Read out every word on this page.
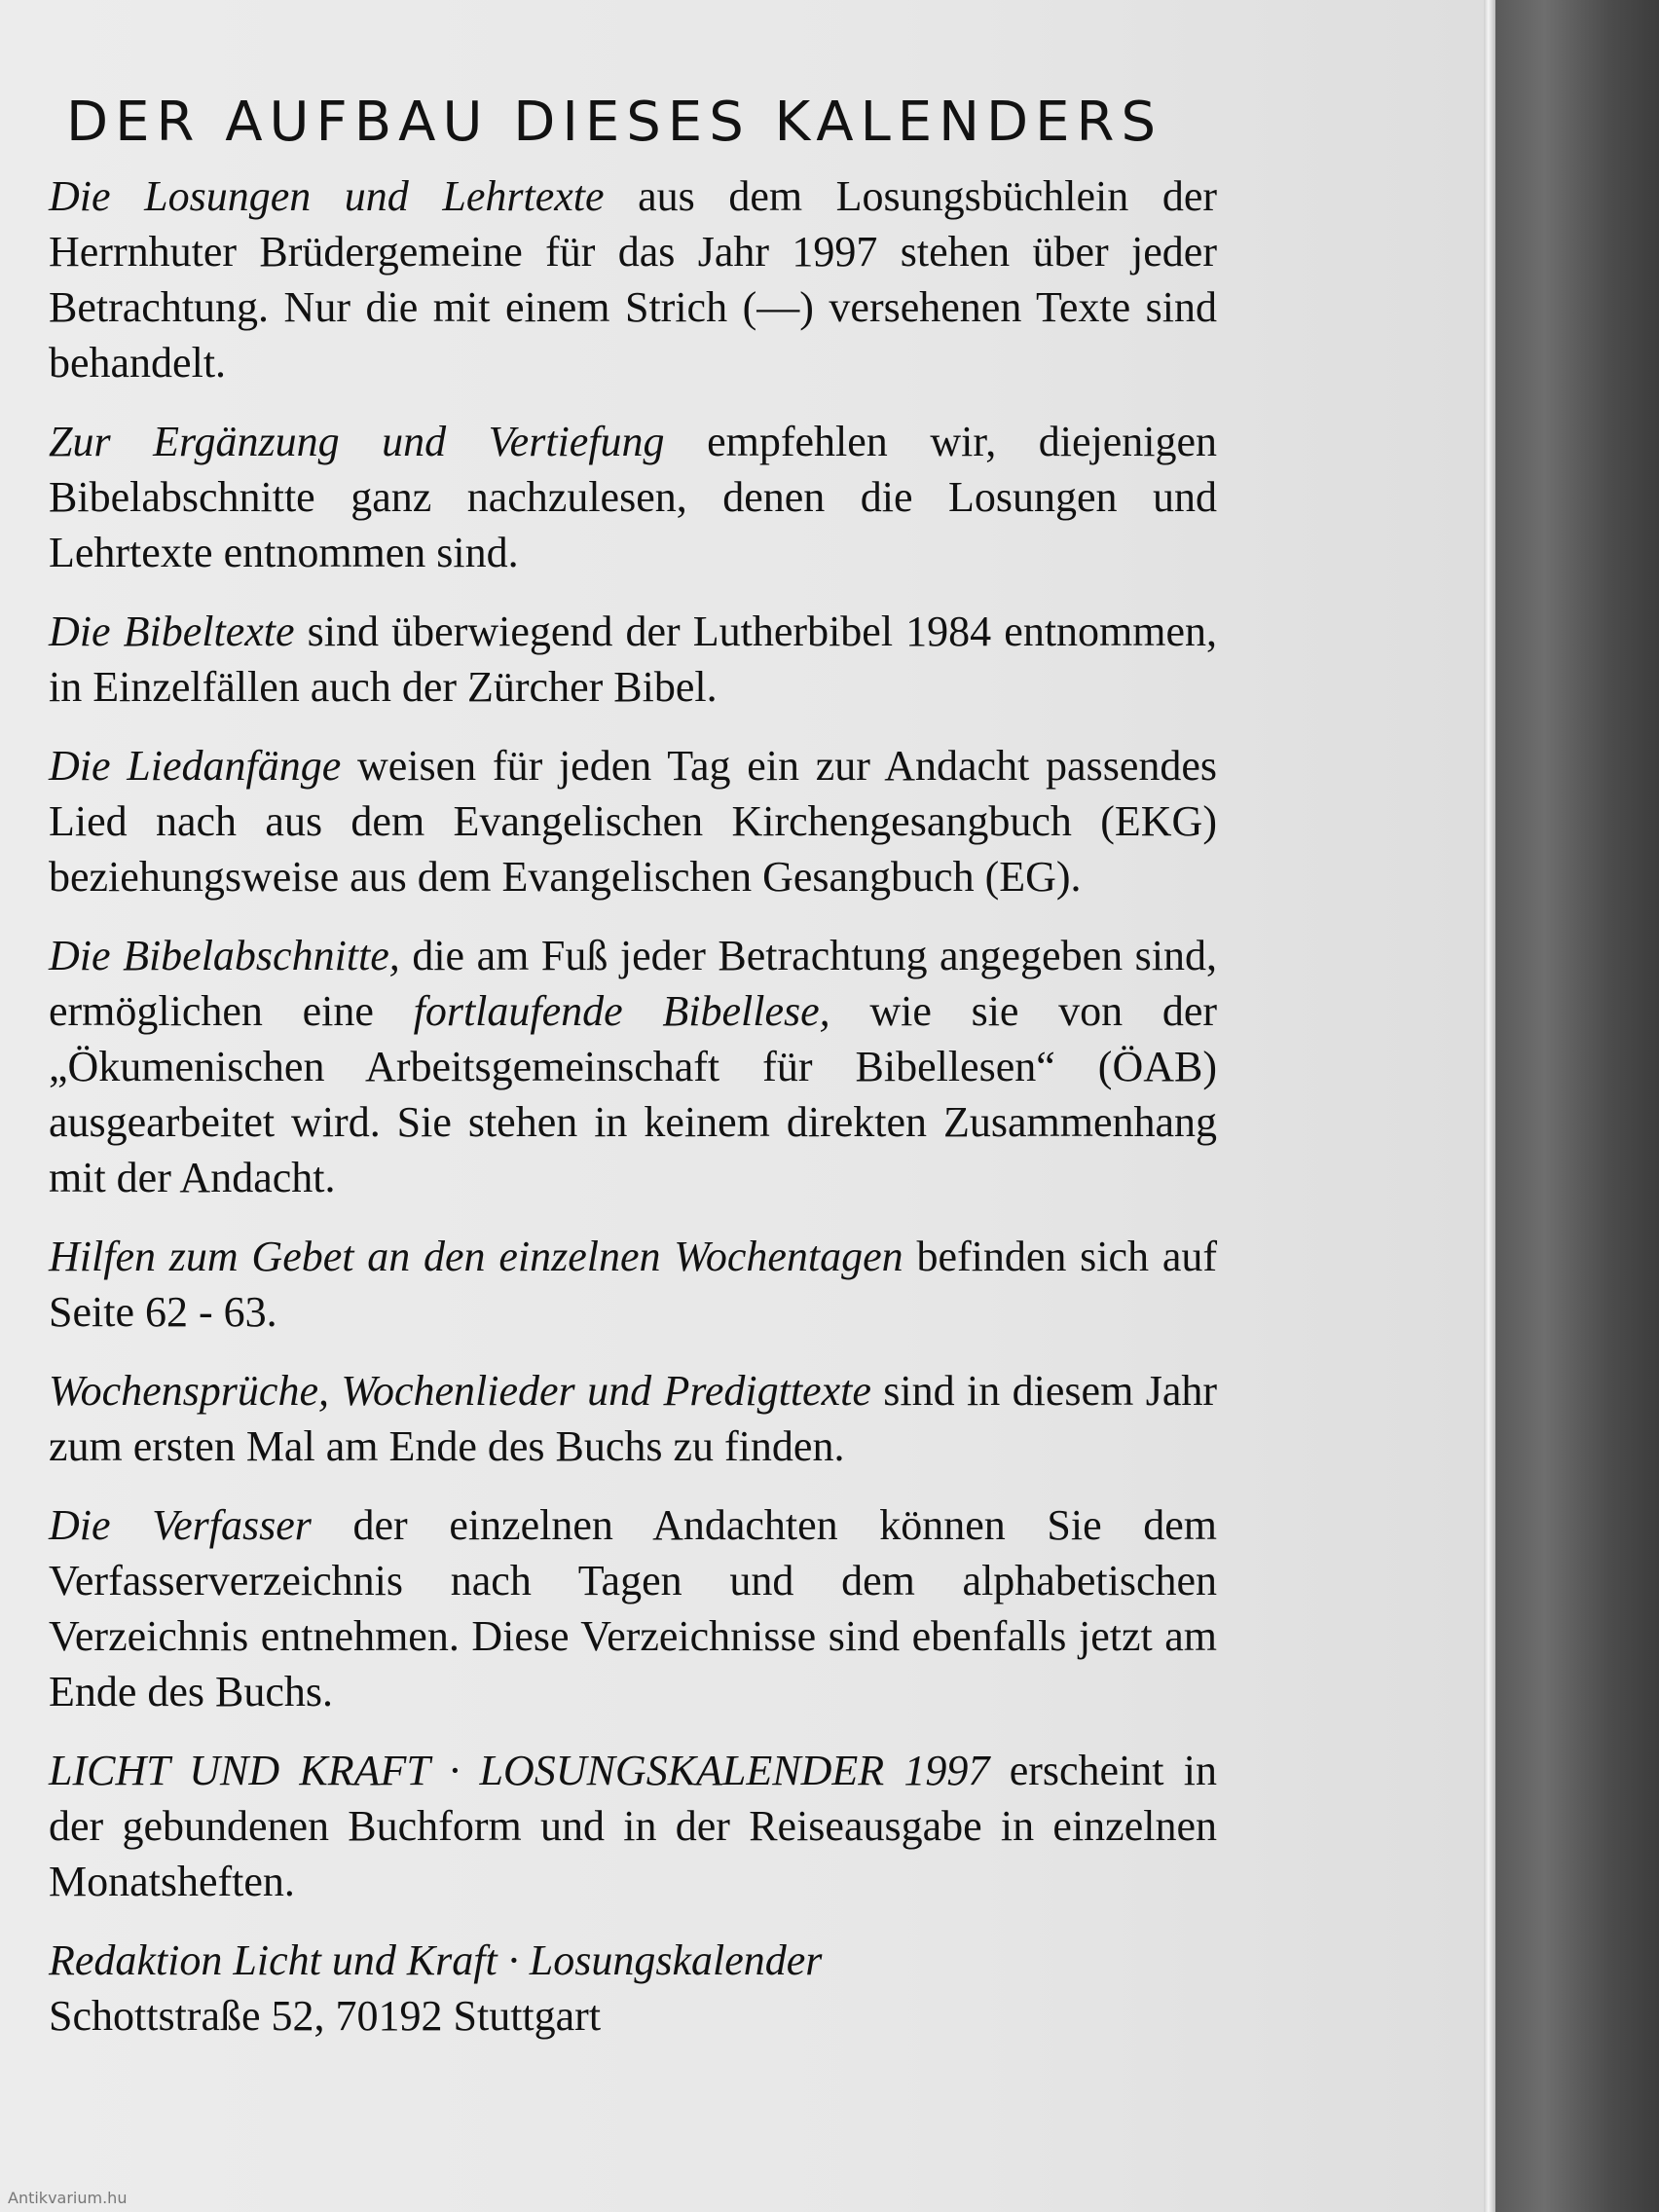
DER AUFBAU DIESES KALENDERS

Die Losungen und Lehrtexte aus dem Losungsbüchlein der Herrnhuter Brüdergemeine für das Jahr 1997 stehen über jeder Betrachtung. Nur die mit einem Strich (—) versehenen Texte sind behandelt.

Zur Ergänzung und Vertiefung empfehlen wir, diejenigen Bibelabschnitte ganz nachzulesen, denen die Losungen und Lehrtexte entnommen sind.

Die Bibeltexte sind überwiegend der Lutherbibel 1984 entnommen, in Einzelfällen auch der Zürcher Bibel.

Die Liedanfänge weisen für jeden Tag ein zur Andacht passendes Lied nach aus dem Evangelischen Kirchengesangbuch (EKG) beziehungsweise aus dem Evangelischen Gesangbuch (EG).

Die Bibelabschnitte, die am Fuß jeder Betrachtung angegeben sind, ermöglichen eine fortlaufende Bibellese, wie sie von der „Ökumenischen Arbeitsgemeinschaft für Bibellesen“ (ÖAB) ausgearbeitet wird. Sie stehen in keinem direkten Zusammenhang mit der Andacht.

Hilfen zum Gebet an den einzelnen Wochentagen befinden sich auf Seite 62 - 63.

Wochensprüche, Wochenlieder und Predigttexte sind in diesem Jahr zum ersten Mal am Ende des Buchs zu finden.

Die Verfasser der einzelnen Andachten können Sie dem Verfasserverzeichnis nach Tagen und dem alphabetischen Verzeichnis entnehmen. Diese Verzeichnisse sind ebenfalls jetzt am Ende des Buchs.

LICHT UND KRAFT · LOSUNGSKALENDER 1997 erscheint in der gebundenen Buchform und in der Reiseausgabe in einzelnen Monatsheften.

Redaktion Licht und Kraft · Losungskalender
Schottstraße 52, 70192 Stuttgart

Antikvarium.hu
